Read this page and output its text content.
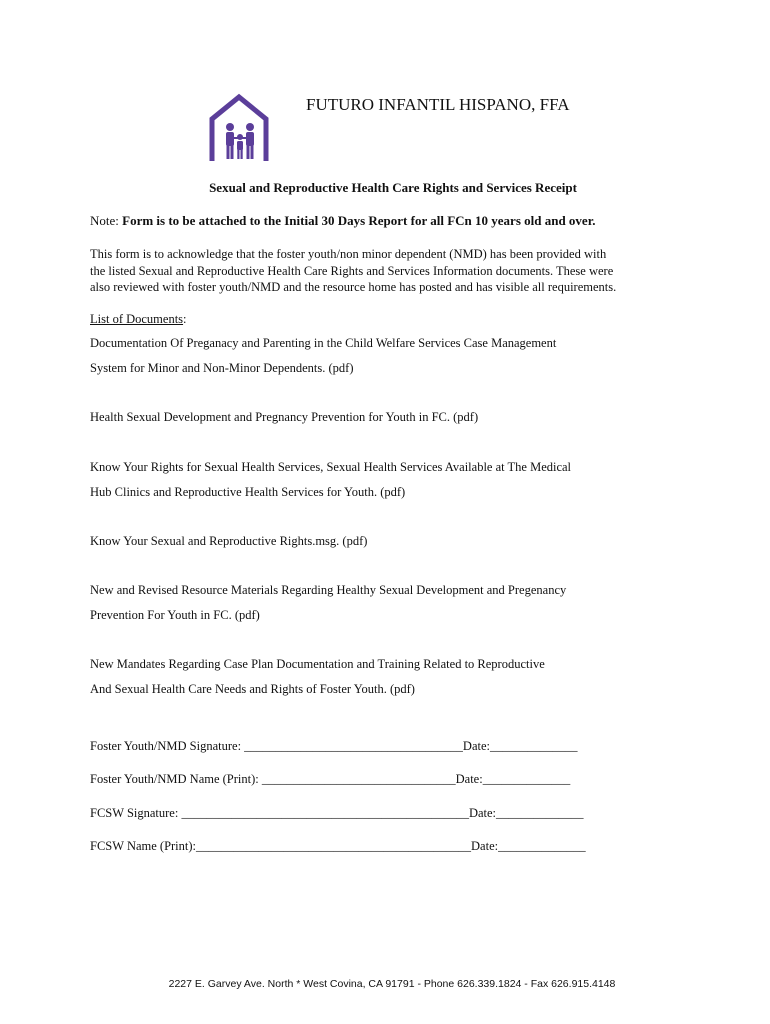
FUTURO INFANTIL HISPANO, FFA
Sexual and Reproductive Health Care Rights and Services Receipt
Note: Form is to be attached to the Initial 30 Days Report for all FCn 10 years old and over.
This form is to acknowledge that the foster youth/non minor dependent (NMD) has been provided with
the listed Sexual and Reproductive Health Care Rights and Services Information documents. These were
also reviewed with foster youth/NMD and the resource home has posted and has visible all requirements.
List of Documents:
Documentation Of Preganacy and Parenting in the Child Welfare Services Case Management
System for Minor and Non-Minor Dependents. (pdf)
Health Sexual Development and Pregnancy Prevention for Youth in FC. (pdf)
Know Your Rights for Sexual Health Services, Sexual Health Services Available at The Medical
Hub Clinics and Reproductive Health Services for Youth. (pdf)
Know Your Sexual and Reproductive Rights.msg. (pdf)
New and Revised Resource Materials Regarding Healthy Sexual Development and Pregenancy
Prevention For Youth in FC. (pdf)
New Mandates Regarding Case Plan Documentation and Training Related to Reproductive
And Sexual Health Care Needs and Rights of Foster Youth. (pdf)
Foster Youth/NMD Signature: ___________________________________Date:______________
Foster Youth/NMD Name (Print): _______________________________Date:______________
FCSW Signature: ______________________________________________Date:______________
FCSW Name (Print):____________________________________________Date:______________
2227 E. Garvey Ave. North * West Covina, CA 91791 - Phone 626.339.1824 - Fax 626.915.4148
